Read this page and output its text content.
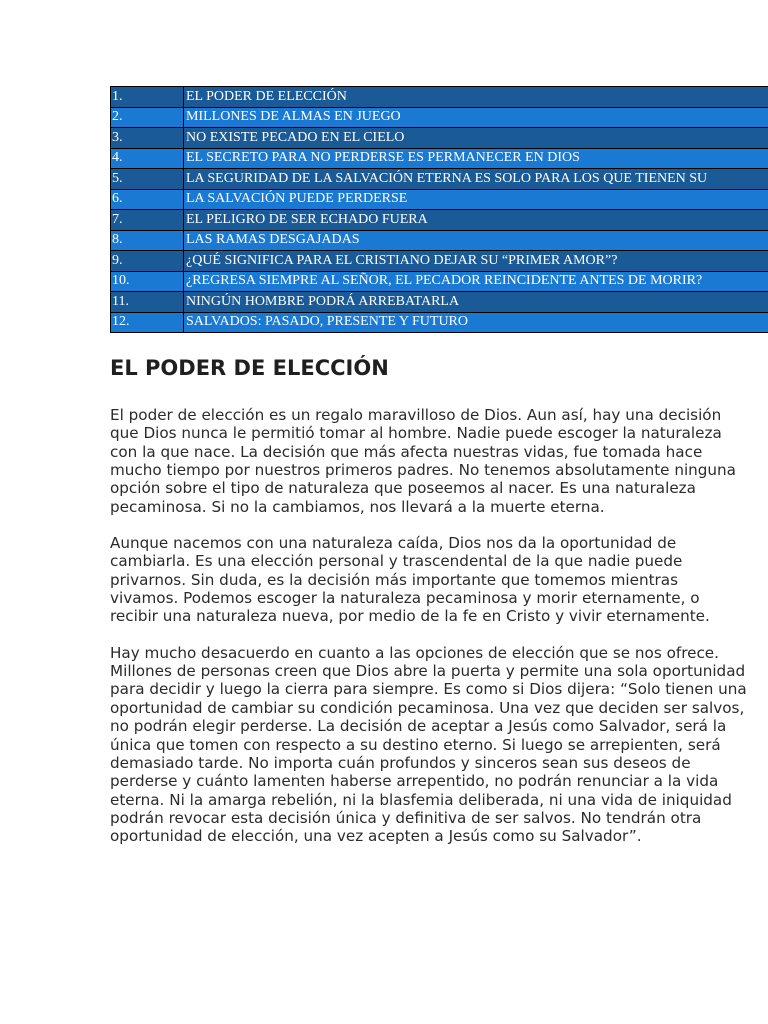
1.	EL PODER DE ELECCIÓN
2.	MILLONES DE ALMAS EN JUEGO
3.	NO EXISTE PECADO EN EL CIELO
4.	EL SECRETO PARA NO PERDERSE ES PERMANECER EN DIOS
5.	LA SEGURIDAD DE LA SALVACIÓN ETERNA ES SOLO PARA LOS QUE TIENEN SU
6.	LA SALVACIÓN PUEDE PERDERSE
7.	EL PELIGRO DE SER ECHADO FUERA
8.	LAS RAMAS DESGAJADAS
9.	¿QUÉ SIGNIFICA PARA EL CRISTIANO DEJAR SU “PRIMER AMOR”?
10.	¿REGRESA SIEMPRE AL SEÑOR, EL PECADOR REINCIDENTE ANTES DE MORIR?
11.	NINGÚN HOMBRE PODRÁ ARREBATARLA
12.	SALVADOS: PASADO, PRESENTE Y FUTURO
EL PODER DE ELECCIÓN

El poder de elección es un regalo maravilloso de Dios. Aun así, hay una decisión que Dios nunca le permitió tomar al hombre. Nadie puede escoger la naturaleza con la que nace. La decisión que más afecta nuestras vidas, fue tomada hace mucho tiempo por nuestros primeros padres. No tenemos absolutamente ninguna opción sobre el tipo de naturaleza que poseemos al nacer. Es una naturaleza pecaminosa. Si no la cambiamos, nos llevará a la muerte eterna.

Aunque nacemos con una naturaleza caída, Dios nos da la oportunidad de cambiarla. Es una elección personal y trascendental de la que nadie puede privarnos. Sin duda, es la decisión más importante que tomemos mientras vivamos. Podemos escoger la naturaleza pecaminosa y morir eternamente, o recibir una naturaleza nueva, por medio de la fe en Cristo y vivir eternamente.

Hay mucho desacuerdo en cuanto a las opciones de elección que se nos ofrece. Millones de personas creen que Dios abre la puerta y permite una sola oportunidad para decidir y luego la cierra para siempre. Es como si Dios dijera: “Solo tienen una oportunidad de cambiar su condición pecaminosa. Una vez que deciden ser salvos, no podrán elegir perderse. La decisión de aceptar a Jesús como Salvador, será la única que tomen con respecto a su destino eterno. Si luego se arrepienten, será demasiado tarde. No importa cuán profundos y sinceros sean sus deseos de perderse y cuánto lamenten haberse arrepentido, no podrán renunciar a la vida eterna. Ni la amarga rebelión, ni la blasfemia deliberada, ni una vida de iniquidad podrán revocar esta decisión única y definitiva de ser salvos. No tendrán otra oportunidad de elección, una vez acepten a Jesús como su Salvador”.
